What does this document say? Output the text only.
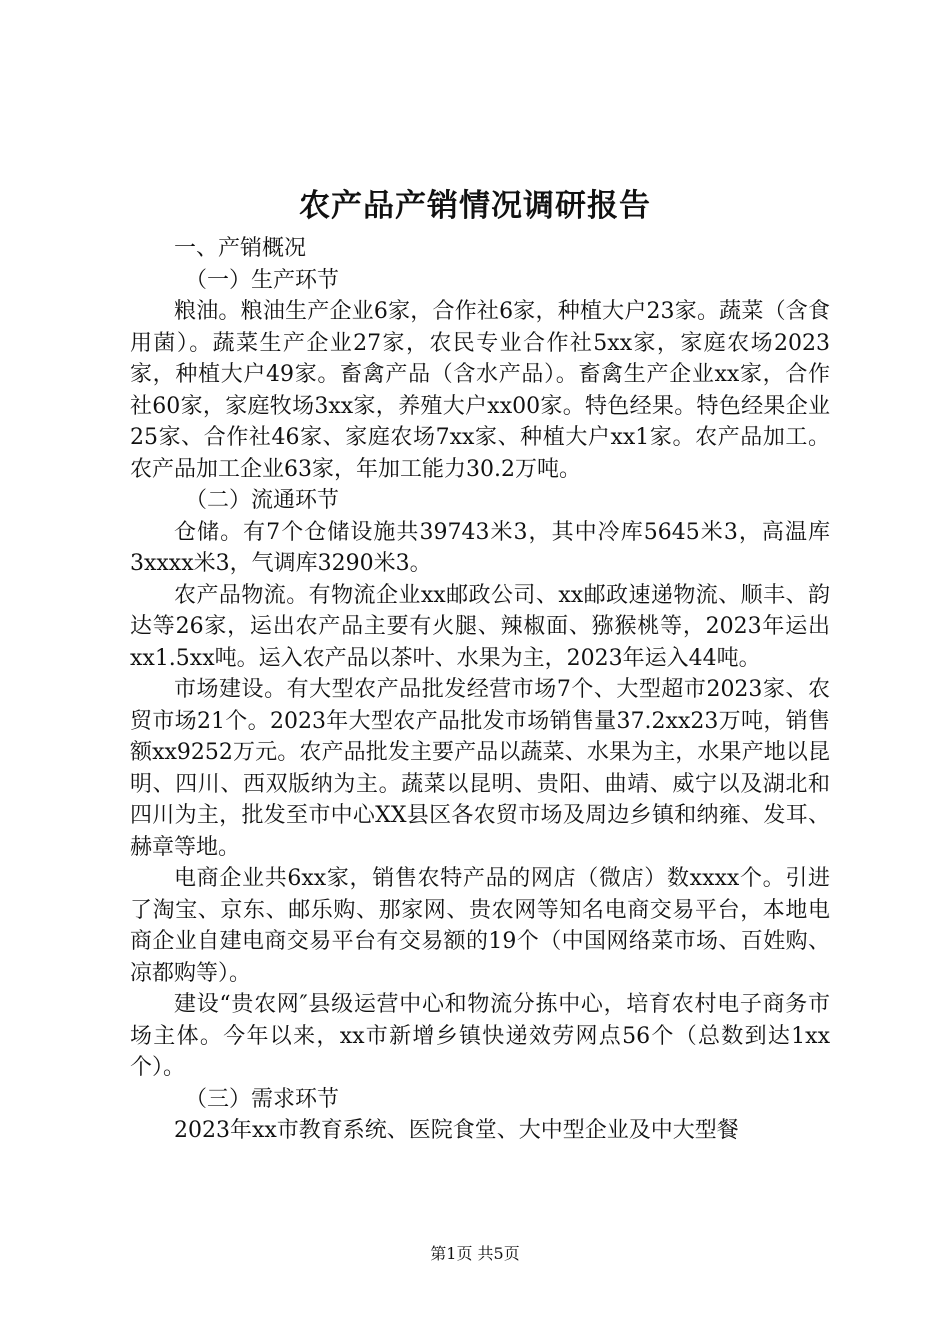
农产品产销情况调研报告

一、产销概况

（一）生产环节

粮油。粮油生产企业6家，合作社6家，种植大户23家。蔬菜（含食用菌）。蔬菜生产企业27家，农民专业合作社5xx家，家庭农场2023家，种植大户49家。畜禽产品（含水产品）。畜禽生产企业xx家，合作社60家，家庭牧场3xx家，养殖大户xx00家。特色经果。特色经果企业25家、合作社46家、家庭农场7xx家、种植大户xx1家。农产品加工。农产品加工企业63家，年加工能力30.2万吨。

（二）流通环节

仓储。有7个仓储设施共39743米3，其中冷库5645米3，高温库3xxxx米3，气调库3290米3。

农产品物流。有物流企业xx邮政公司、xx邮政速递物流、顺丰、韵达等26家，运出农产品主要有火腿、辣椒面、猕猴桃等，2023年运出xx1.5xx吨。运入农产品以茶叶、水果为主，2023年运入44吨。

市场建设。有大型农产品批发经营市场7个、大型超市2023家、农贸市场21个。2023年大型农产品批发市场销售量37.2xx23万吨，销售额xx9252万元。农产品批发主要产品以蔬菜、水果为主，水果产地以昆明、四川、西双版纳为主。蔬菜以昆明、贵阳、曲靖、威宁以及湖北和四川为主，批发至市中心XX县区各农贸市场及周边乡镇和纳雍、发耳、赫章等地。

电商企业共6xx家，销售农特产品的网店（微店）数xxxx个。引进了淘宝、京东、邮乐购、那家网、贵农网等知名电商交易平台，本地电商企业自建电商交易平台有交易额的19个（中国网络菜市场、百姓购、凉都购等）。

建设“贵农网″县级运营中心和物流分拣中心，培育农村电子商务市场主体。今年以来，xx市新增乡镇快递效劳网点56个（总数到达1xx个）。

（三）需求环节

2023年xx市教育系统、医院食堂、大中型企业及中大型餐

第1页 共5页
